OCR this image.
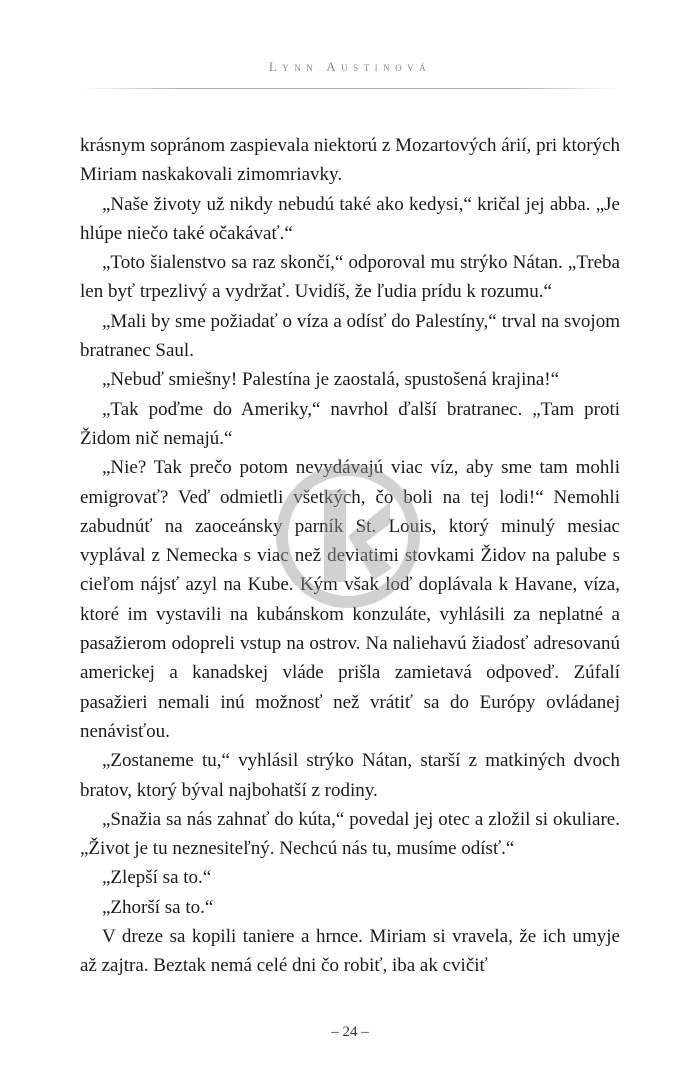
Lynn Austinová

krásnym sopránom zaspievala niektorú z Mozartových árií, pri ktorých Miriam naskakovali zimomriavky.

„Naše životy už nikdy nebudú také ako kedysi,“ kričal jej abba. „Je hlúpe niečo také očakávať.“

„Toto šialenstvo sa raz skončí,“ odporoval mu strýko Nátan. „Treba len byť trpezlivý a vydržať. Uvidíš, že ľudia prídu k rozumu.“

„Mali by sme požiadať o víza a odísť do Palestíny,“ trval na svojom bratranec Saul.

„Nebuď smiešny! Palestína je zaostalá, spustošená krajina!“

„Tak poďme do Ameriky,“ navrhol ďalší bratranec. „Tam proti Židom nič nemajú.“

„Nie? Tak prečo potom nevydávajú viac víz, aby sme tam mohli emigrovať? Veď odmietli všetkých, čo boli na tej lodi!“ Nemohli zabudnúť na zaoceánsky parník St. Louis, ktorý minulý mesiac vyplával z Nemecka s viac než deviatimi stovkami Židov na palube s cieľom nájsť azyl na Kube. Kým však loď doplávala k Havane, víza, ktoré im vystavili na kubánskom konzuláte, vyhlásili za neplatné a pasažierom odopreli vstup na ostrov. Na naliehavú žiadosť adresovanú americkej a kanadskej vláde prišla zamietavá odpoveď. Zúfalí pasažieri nemali inú možnosť než vrátiť sa do Európy ovládanej nenávisťou.

„Zostaneme tu,“ vyhlásil strýko Nátan, starší z matkiných dvoch bratov, ktorý býval najbohatší z rodiny.

„Snažia sa nás zahnať do kúta,“ povedal jej otec a zložil si okuliare. „Život je tu neznesiteľný. Nechcú nás tu, musíme odísť.“

„Zlepší sa to.“

„Zhorší sa to.“

V dreze sa kopili taniere a hrnce. Miriam si vravela, že ich umyje až zajtra. Beztak nemá celé dni čo robiť, iba ak cvičiť

– 24 –
